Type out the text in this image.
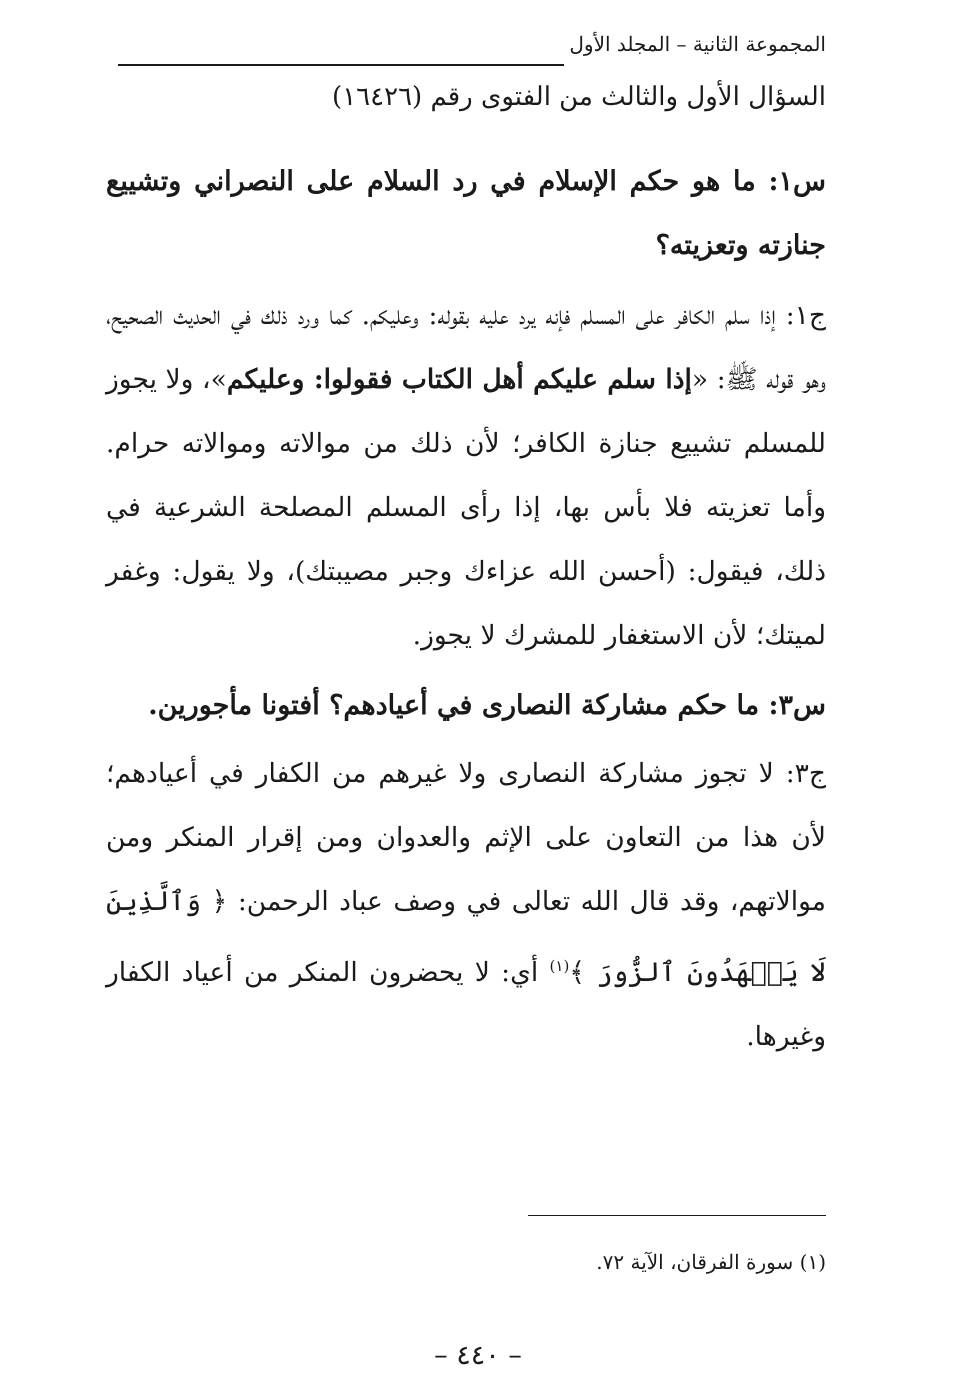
المجموعة الثانية – المجلد الأول
السؤال الأول والثالث من الفتوى رقم (١٦٤٢٦)

س١: ما هو حكم الإسلام في رد السلام على النصراني وتشييع جنازته وتعزيته؟

ج١: إذا سلم الكافر على المسلم فإنه يرد عليه بقوله: وعليكم. كما ورد ذلك في الحديث الصحيح، وهو قوله ﷺ: «إذا سلم عليكم أهل الكتاب فقولوا: وعليكم»، ولا يجوز للمسلم تشييع جنازة الكافر؛ لأن ذلك من موالاته وموالاته حرام. وأما تعزيته فلا بأس بها، إذا رأى المسلم المصلحة الشرعية في ذلك، فيقول: (أحسن الله عزاءك وجبر مصيبتك)، ولا يقول: وغفر لميتك؛ لأن الاستغفار للمشرك لا يجوز.

س٣: ما حكم مشاركة النصارى في أعيادهم؟ أفتونا مأجورين.

ج٣: لا تجوز مشاركة النصارى ولا غيرهم من الكفار في أعيادهم؛ لأن هذا من التعاون على الإثم والعدوان ومن إقرار المنكر ومن موالاتهم، وقد قال الله تعالى في وصف عباد الرحمن: ﴿ وَٱلَّذِينَ لَا يَشۡهَدُونَ ٱلزُّورَ ﴾$^{(١)}$ أي: لا يحضرون المنكر من أعياد الكفار وغيرها.

(١) سورة الفرقان، الآية ٧٢.
– ٤٤٠ –
